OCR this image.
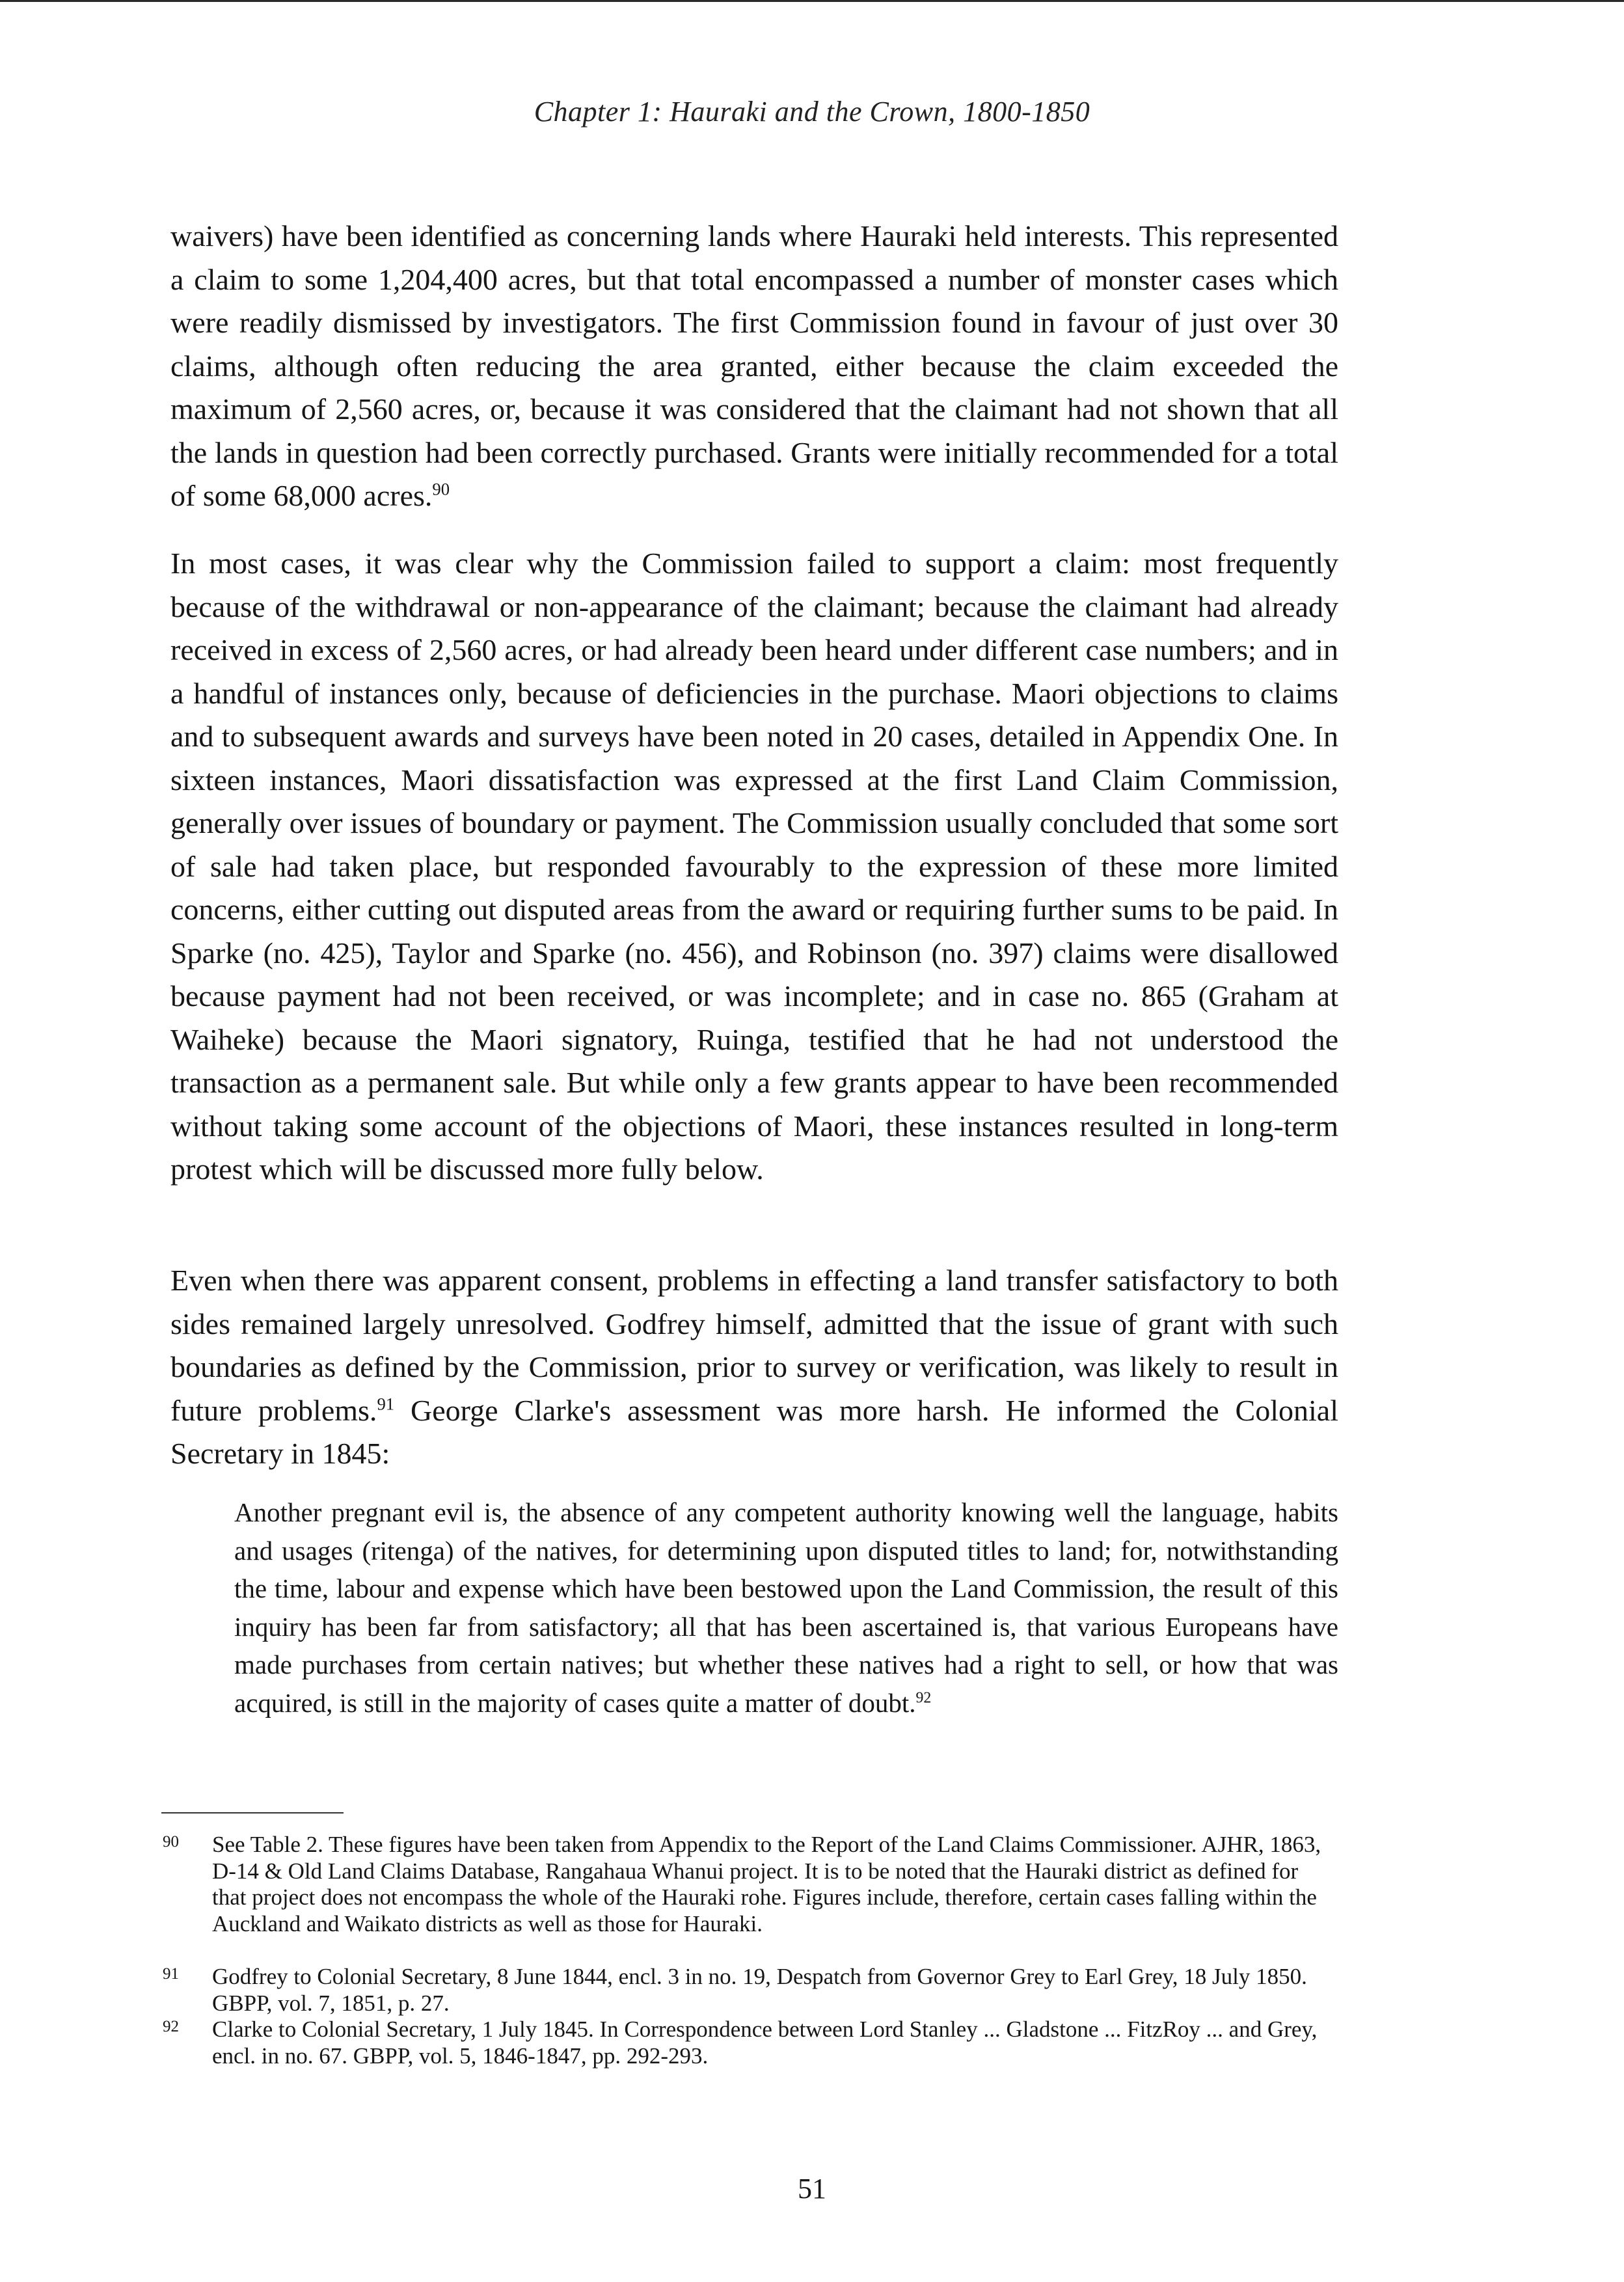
Chapter 1: Hauraki and the Crown, 1800-1850

waivers) have been identified as concerning lands where Hauraki held interests. This represented a claim to some 1,204,400 acres, but that total encompassed a number of monster cases which were readily dismissed by investigators. The first Commission found in favour of just over 30 claims, although often reducing the area granted, either because the claim exceeded the maximum of 2,560 acres, or, because it was considered that the claimant had not shown that all the lands in question had been correctly purchased. Grants were initially recommended for a total of some 68,000 acres.$^{90}$

In most cases, it was clear why the Commission failed to support a claim: most frequently because of the withdrawal or non-appearance of the claimant; because the claimant had already received in excess of 2,560 acres, or had already been heard under different case numbers; and in a handful of instances only, because of deficiencies in the purchase. Maori objections to claims and to subsequent awards and surveys have been noted in 20 cases, detailed in Appendix One. In sixteen instances, Maori dissatisfaction was expressed at the first Land Claim Commission, generally over issues of boundary or payment. The Commission usually concluded that some sort of sale had taken place, but responded favourably to the expression of these more limited concerns, either cutting out disputed areas from the award or requiring further sums to be paid. In Sparke (no. 425), Taylor and Sparke (no. 456), and Robinson (no. 397) claims were disallowed because payment had not been received, or was incomplete; and in case no. 865 (Graham at Waiheke) because the Maori signatory, Ruinga, testified that he had not understood the transaction as a permanent sale. But while only a few grants appear to have been recommended without taking some account of the objections of Maori, these instances resulted in long-term protest which will be discussed more fully below.

Even when there was apparent consent, problems in effecting a land transfer satisfactory to both sides remained largely unresolved. Godfrey himself, admitted that the issue of grant with such boundaries as defined by the Commission, prior to survey or verification, was likely to result in future problems.$^{91}$ George Clarke's assessment was more harsh. He informed the Colonial Secretary in 1845:

Another pregnant evil is, the absence of any competent authority knowing well the language, habits and usages (ritenga) of the natives, for determining upon disputed titles to land; for, notwithstanding the time, labour and expense which have been bestowed upon the Land Commission, the result of this inquiry has been far from satisfactory; all that has been ascertained is, that various Europeans have made purchases from certain natives; but whether these natives had a right to sell, or how that was acquired, is still in the majority of cases quite a matter of doubt.$^{92}$

90 See Table 2. These figures have been taken from Appendix to the Report of the Land Claims Commissioner. AJHR, 1863, D-14 & Old Land Claims Database, Rangahaua Whanui project. It is to be noted that the Hauraki district as defined for that project does not encompass the whole of the Hauraki rohe. Figures include, therefore, certain cases falling within the Auckland and Waikato districts as well as those for Hauraki.
91 Godfrey to Colonial Secretary, 8 June 1844, encl. 3 in no. 19, Despatch from Governor Grey to Earl Grey, 18 July 1850. GBPP, vol. 7, 1851, p. 27.
92 Clarke to Colonial Secretary, 1 July 1845. In Correspondence between Lord Stanley ... Gladstone ... FitzRoy ... and Grey, encl. in no. 67. GBPP, vol. 5, 1846-1847, pp. 292-293.
51
